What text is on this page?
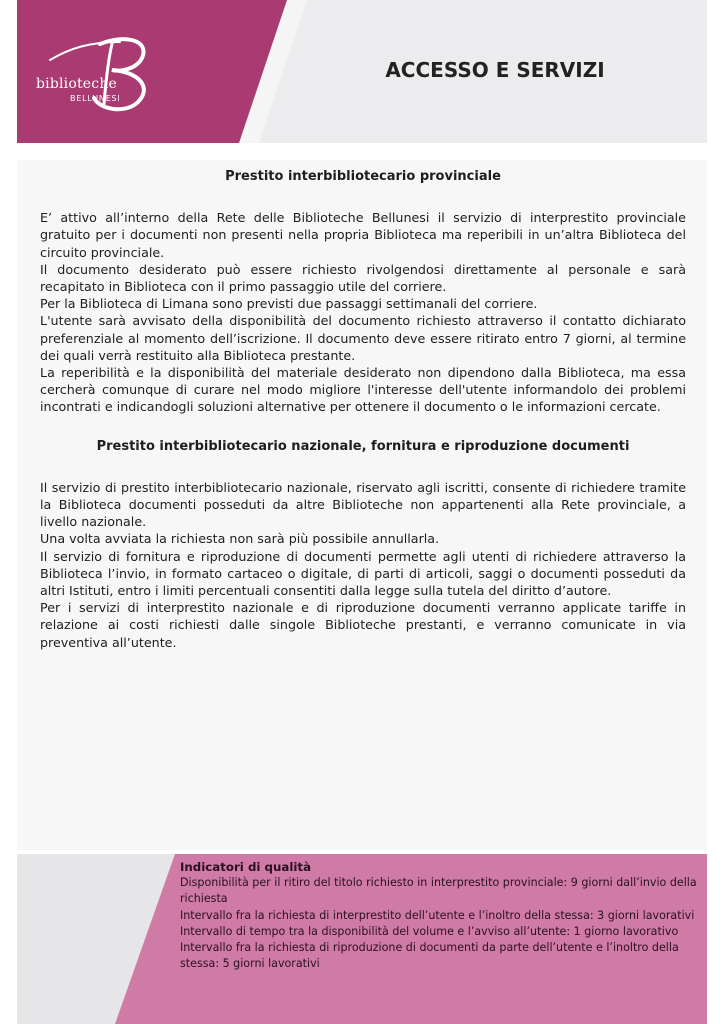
biblioteche
BELLUNESI
ACCESSO E SERVIZI
Prestito interbibliotecario provinciale

E’ attivo all’interno della Rete delle Biblioteche Bellunesi il servizio di interprestito provinciale gratuito per i documenti non presenti nella propria Biblioteca ma reperibili in un’altra Biblioteca del circuito provinciale.

Il documento desiderato può essere richiesto rivolgendosi direttamente al personale e sarà recapitato in Biblioteca con il primo passaggio utile del corriere.

Per la Biblioteca di Limana sono previsti due passaggi settimanali del corriere.

L'utente sarà avvisato della disponibilità del documento richiesto attraverso il contatto dichiarato preferenziale al momento dell’iscrizione. Il documento deve essere ritirato entro 7 giorni, al termine dei quali verrà restituito alla Biblioteca prestante.

La reperibilità e la disponibilità del materiale desiderato non dipendono dalla Biblioteca, ma essa cercherà comunque di curare nel modo migliore l'interesse dell'utente informandolo dei problemi incontrati e indicandogli soluzioni alternative per ottenere il documento o le informazioni cercate.

Prestito interbibliotecario nazionale, fornitura e riproduzione documenti

Il servizio di prestito interbibliotecario nazionale, riservato agli iscritti, consente di richiedere tramite la Biblioteca documenti posseduti da altre Biblioteche non appartenenti alla Rete provinciale, a livello nazionale.

Una volta avviata la richiesta non sarà più possibile annullarla.

Il servizio di fornitura e riproduzione di documenti permette agli utenti di richiedere attraverso la Biblioteca l’invio, in formato cartaceo o digitale, di parti di articoli, saggi o documenti posseduti da altri Istituti, entro i limiti percentuali consentiti dalla legge sulla tutela del diritto d’autore.

Per i servizi di interprestito nazionale e di riproduzione documenti verranno applicate tariffe in relazione ai costi richiesti dalle singole Biblioteche prestanti, e verranno comunicate in via preventiva all’utente.

Indicatori di qualità
Disponibilità per il ritiro del titolo richiesto in interprestito provinciale: 9 giorni dall’invio della richiesta
Intervallo fra la richiesta di interprestito dell’utente e l’inoltro della stessa: 3 giorni lavorativi
Intervallo di tempo tra la disponibilità del volume e l’avviso all’utente: 1 giorno lavorativo
Intervallo fra la richiesta di riproduzione di documenti da parte dell’utente e l’inoltro della stessa: 5 giorni lavorativi
